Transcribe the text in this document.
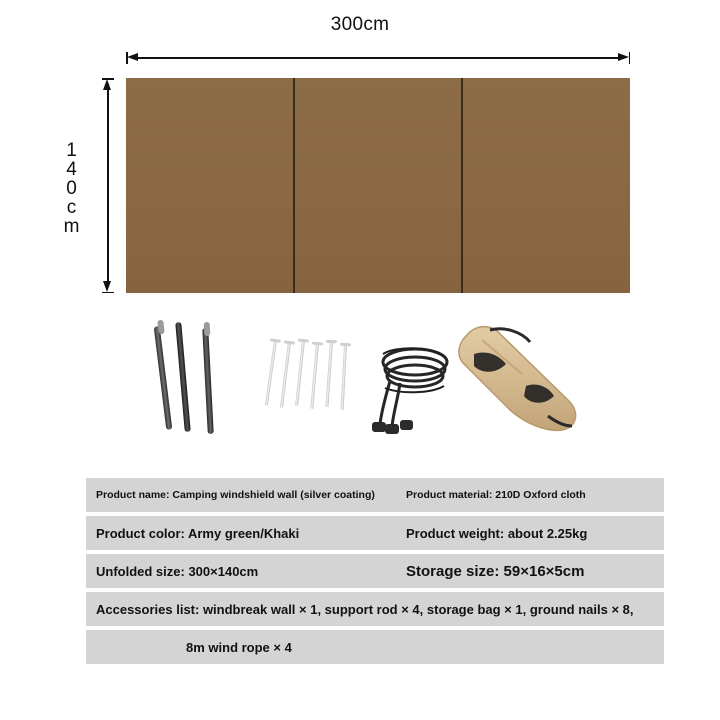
300cm
140cm
Product name: Camping windshield wall (silver coating)	Product material: 210D Oxford cloth
Product color: Army green/Khaki	Product weight: about 2.25kg
Unfolded size: 300×140cm	Storage size: 59×16×5cm
Accessories list: windbreak wall × 1, support rod × 4, storage bag × 1, ground nails × 8,
8m wind rope × 4
